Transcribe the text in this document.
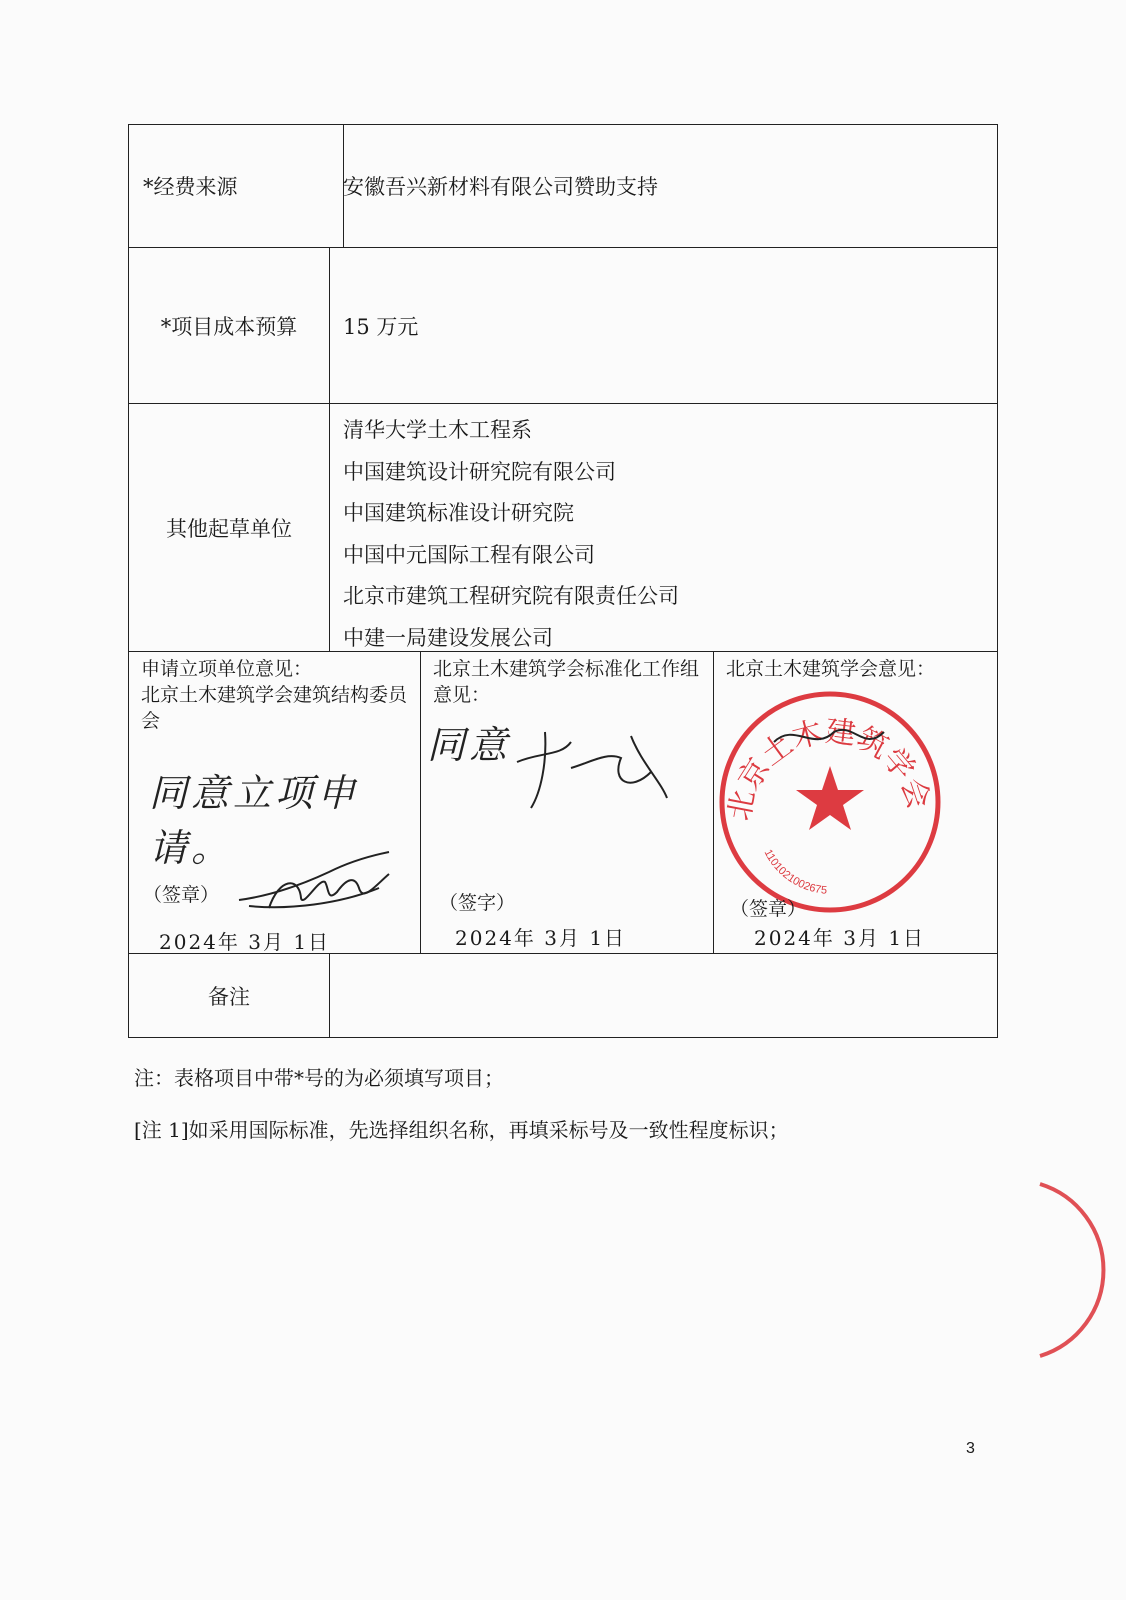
*经费来源	安徽吾兴新材料有限公司赞助支持
*项目成本预算	15 万元
其他起草单位
清华大学土木工程系
中国建筑设计研究院有限公司
中国建筑标准设计研究院
中国中元国际工程有限公司
北京市建筑工程研究院有限责任公司
中建一局建设发展公司
申请立项单位意见：
北京土木建筑学会建筑结构委员会
同意立项申请。
（签章）
2024年 3月 1日
北京土木建筑学会标准化工作组意见：
同意
（签字）
2024年 3月 1日
北京土木建筑学会意见：
北京土木建筑学会
1101021002675
（签章）
2024年 3月 1日
备注
注：表格项目中带*号的为必须填写项目；
[注 1]如采用国际标准，先选择组织名称，再填采标号及一致性程度标识；
3
